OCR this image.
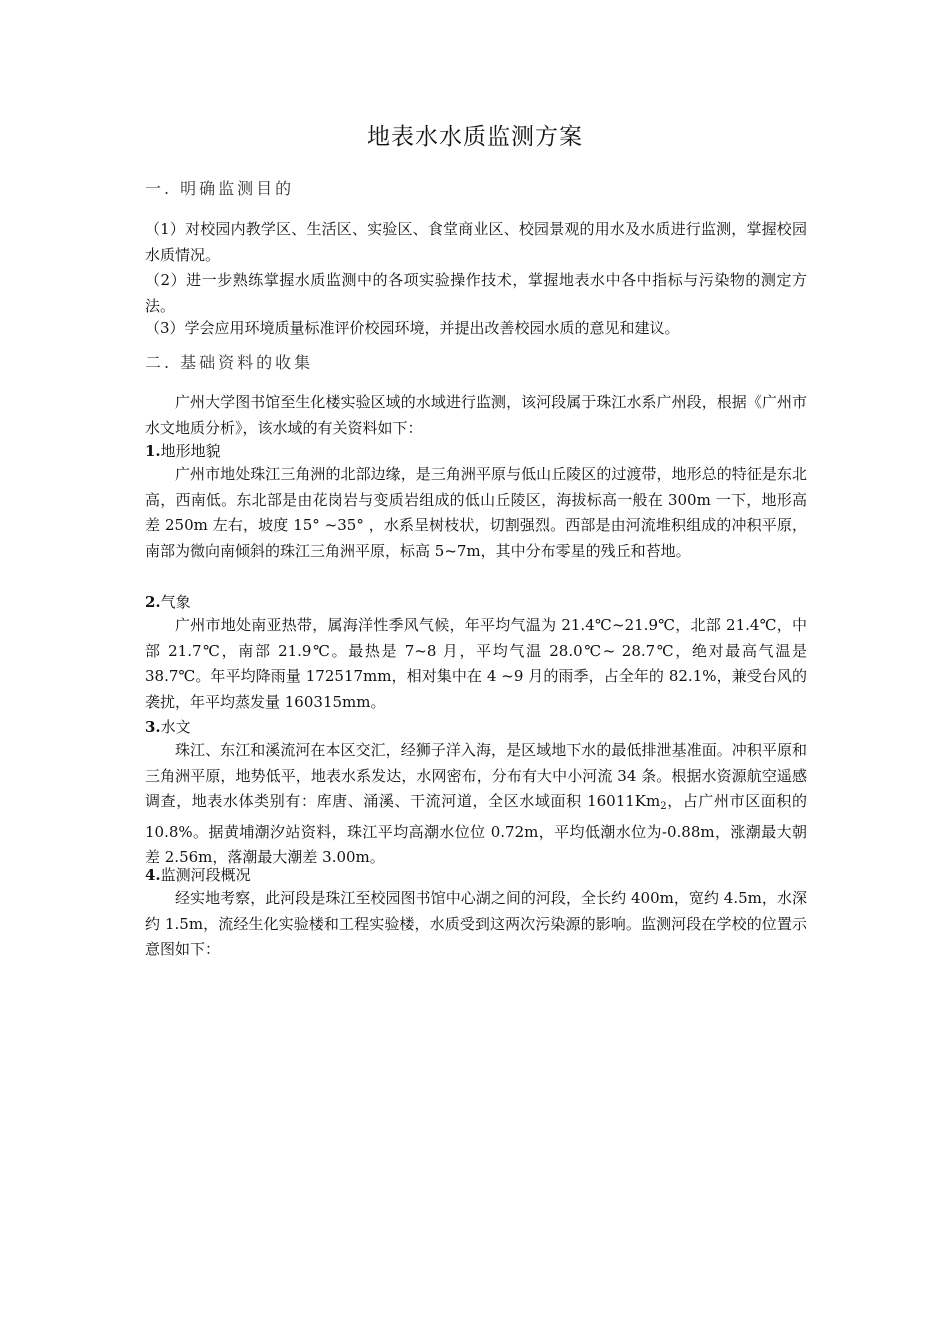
地表水水质监测方案
一. 明确监测目的

（1）对校园内教学区、生活区、实验区、食堂商业区、校园景观的用水及水质进行监测，掌握校园水质情况。

（2）进一步熟练掌握水质监测中的各项实验操作技术，掌握地表水中各中指标与污染物的测定方法。

（3）学会应用环境质量标准评价校园环境，并提出改善校园水质的意见和建议。

二. 基础资料的收集

广州大学图书馆至生化楼实验区域的水域进行监测，该河段属于珠江水系广州段，根据《广州市水文地质分析》，该水域的有关资料如下：

1.地形地貌

广州市地处珠江三角洲的北部边缘，是三角洲平原与低山丘陵区的过渡带，地形总的特征是东北高，西南低。东北部是由花岗岩与变质岩组成的低山丘陵区，海拔标高一般在 300m 一下，地形高差 250m 左右，坡度 15° ~35° ，水系呈树枝状，切割强烈。西部是由河流堆积组成的冲积平原，南部为微向南倾斜的珠江三角洲平原，标高 5~7m，其中分布零星的残丘和苔地。

2.气象

广州市地处南亚热带，属海洋性季风气候，年平均气温为 21.4℃~21.9℃，北部 21.4℃，中部 21.7℃，南部 21.9℃。最热是 7~8 月，平均气温 28.0℃~ 28.7℃，绝对最高气温是 38.7℃。年平均降雨量 172517mm，相对集中在 4 ~9 月的雨季，占全年的 82.1%，兼受台风的袭扰，年平均蒸发量 160315mm。

3.水文

珠江、东江和溪流河在本区交汇，经狮子洋入海，是区域地下水的最低排泄基准面。冲积平原和三角洲平原，地势低平，地表水系发达，水网密布，分布有大中小河流 34 条。根据水资源航空遥感调查，地表水体类别有：库唐、涌溪、干流河道，全区水域面积 $16011Km_2$，占广州市区面积的 10.8%。据黄埔潮汐站资料，珠江平均高潮水位位 0.72m，平均低潮水位为-0.88m，涨潮最大朝差 2.56m，落潮最大潮差 3.00m。

4.监测河段概况

经实地考察，此河段是珠江至校园图书馆中心湖之间的河段，全长约 400m，宽约 4.5m，水深约 1.5m，流经生化实验楼和工程实验楼，水质受到这两次污染源的影响。监测河段在学校的位置示意图如下：
